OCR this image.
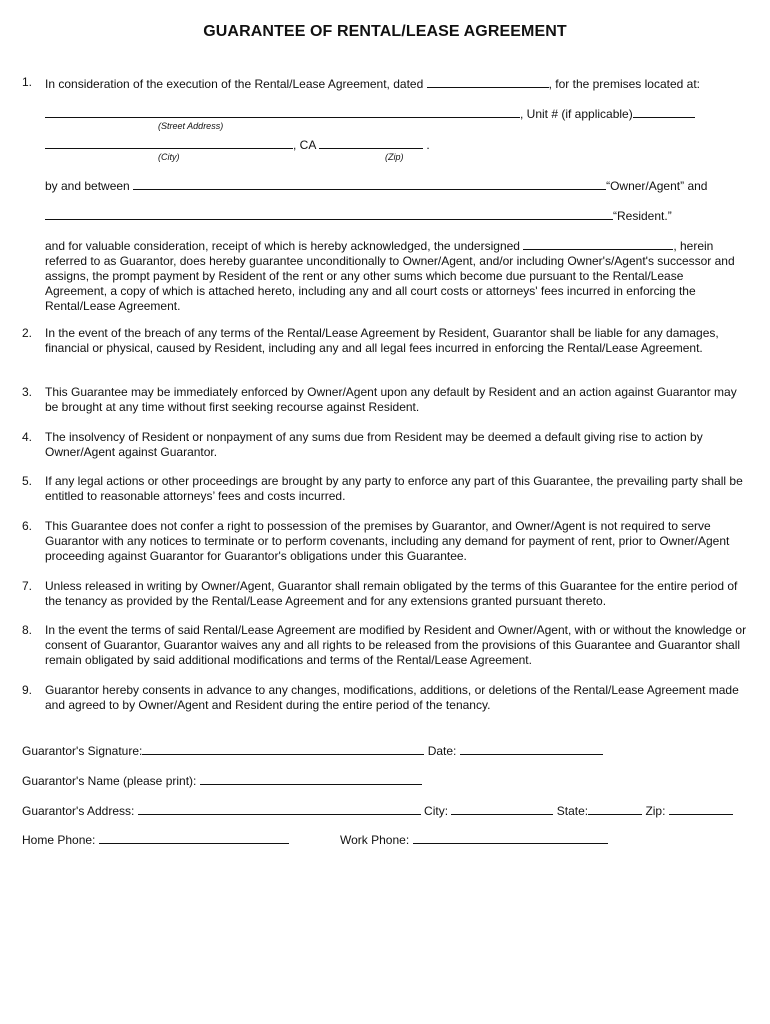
GUARANTEE OF RENTAL/LEASE AGREEMENT
1. In consideration of the execution of the Rental/Lease Agreement, dated	, for the premises located at:
, Unit # (if applicable)
(Street Address)
, CA	.
(City)	(Zip)
by and between	“Owner/Agent” and
“Resident.”
and for valuable consideration, receipt of which is hereby acknowledged, the undersigned	, herein referred to as Guarantor, does hereby guarantee unconditionally to Owner/Agent, and/or including Owner's/Agent's successor and assigns, the prompt payment by Resident of the rent or any other sums which become due pursuant to the Rental/Lease Agreement, a copy of which is attached hereto, including any and all court costs or attorneys' fees incurred in enforcing the Rental/Lease Agreement.
2. In the event of the breach of any terms of the Rental/Lease Agreement by Resident, Guarantor shall be liable for any damages, financial or physical, caused by Resident, including any and all legal fees incurred in enforcing the Rental/Lease Agreement.
3. This Guarantee may be immediately enforced by Owner/Agent upon any default by Resident and an action against Guarantor may be brought at any time without first seeking recourse against Resident.
4. The insolvency of Resident or nonpayment of any sums due from Resident may be deemed a default giving rise to action by Owner/Agent against Guarantor.
5. If any legal actions or other proceedings are brought by any party to enforce any part of this Guarantee, the prevailing party shall be entitled to reasonable attorneys’ fees and costs incurred.
6. This Guarantee does not confer a right to possession of the premises by Guarantor, and Owner/Agent is not required to serve Guarantor with any notices to terminate or to perform covenants, including any demand for payment of rent, prior to Owner/Agent proceeding against Guarantor for Guarantor's obligations under this Guarantee.
7. Unless released in writing by Owner/Agent, Guarantor shall remain obligated by the terms of this Guarantee for the entire period of the tenancy as provided by the Rental/Lease Agreement and for any extensions granted pursuant thereto.
8. In the event the terms of said Rental/Lease Agreement are modified by Resident and Owner/Agent, with or without the knowledge or consent of Guarantor, Guarantor waives any and all rights to be released from the provisions of this Guarantee and Guarantor shall remain obligated by said additional modifications and terms of the Rental/Lease Agreement.
9. Guarantor hereby consents in advance to any changes, modifications, additions, or deletions of the Rental/Lease Agreement made and agreed to by Owner/Agent and Resident during the entire period of the tenancy.
Guarantor's Signature:	Date:
Guarantor's Name (please print):
Guarantor's Address:	City:	State:	Zip:
Home Phone:	Work Phone:
